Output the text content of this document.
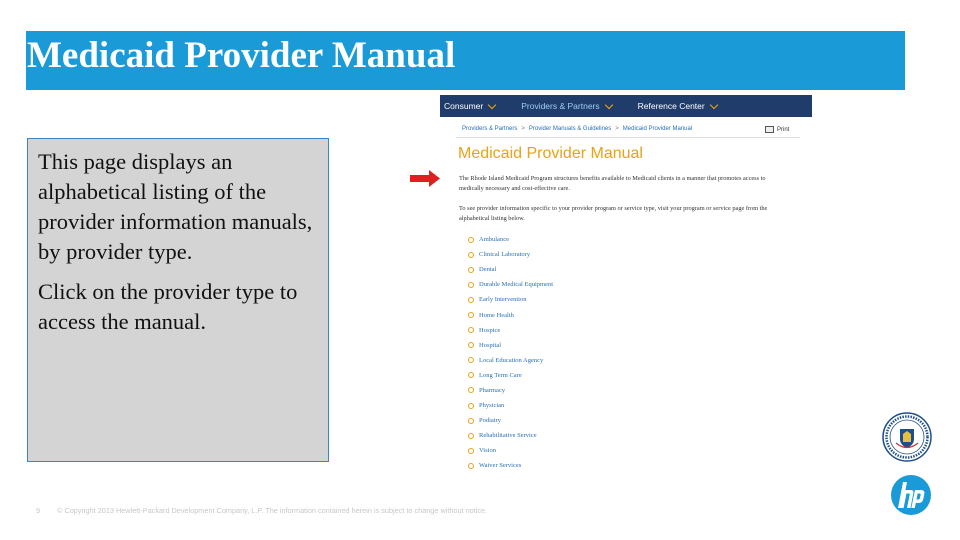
Medicaid Provider Manual

This page displays an alphabetical listing of the provider information manuals, by provider type.

Click on the provider type to access the manual.

Consumer	Providers & Partners	Reference Center
Providers & Partners > Provider Manuals & Guidelines > Medicaid Provider Manual	Print
Medicaid Provider Manual

The Rhode Island Medicaid Program structures benefits available to Medicaid clients in a manner that promotes access to medically necessary and cost-effective care.

To see provider information specific to your provider program or service type, visit your program or service page from the alphabetical listing below.

Ambulance
Clinical Laboratory
Dental
Durable Medical Equipment
Early Intervention
Home Health
Hospice
Hospital
Local Education Agency
Long Term Care
Pharmacy
Physician
Podiatry
Rehabilitative Service
Vision
Waiver Services
9 © Copyright 2013 Hewlett-Packard Development Company, L.P. The information contained herein is subject to change without notice.
